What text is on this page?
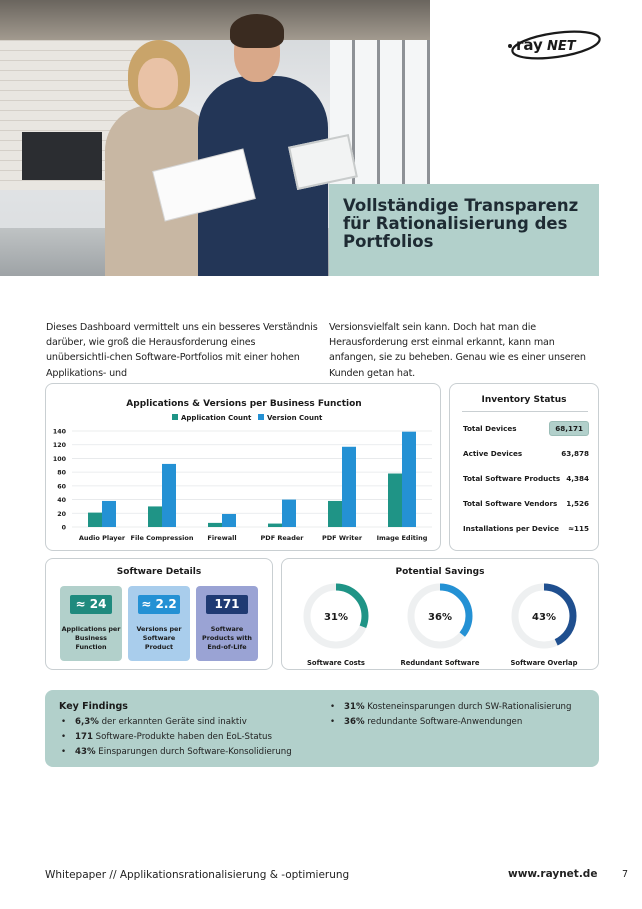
ray NET
Vollständige Transparenz für Rationalisierung des Portfolios

Dieses Dashboard vermittelt uns ein besseres Verständnis darüber, wie groß die Herausforderung eines unübersichtli-chen Software-Portfolios mit einer hohen Applikations- und

Versionsvielfalt sein kann. Doch hat man die Herausforderung erst einmal erkannt, kann man anfangen, sie zu beheben. Genau wie es einer unseren Kunden getan hat.

Applications & Versions per Business Function
Application Count Version Count
0
20
40
60
80
100
120
140
Audio Player File Compression Firewall	PDF Reader	PDF Writer Image Editing
Inventory Status
Total Devices	68,171
Active Devices	63,878
Total Software Products 4,384
Total Software Vendors 1,526
Installations per Device ≈115
Software Details
≈ 24
Applications per Business Function
≈ 2.2
Versions per Software Product
171
Software Products with End-of-Life
Potential Savings
31%
Software Costs
36%
Redundant Software
43%
Software Overlap
Key Findings
• 6,3% der erkannten Geräte sind inaktiv
• 171 Software-Produkte haben den EoL-Status
• 43% Einsparungen durch Software-Konsolidierung
• 31% Kosteneinsparungen durch SW-Rationalisierung
• 36% redundante Software-Anwendungen
Whitepaper // Applikationsrationalisierung & -optimierung	www.raynet.de	7
